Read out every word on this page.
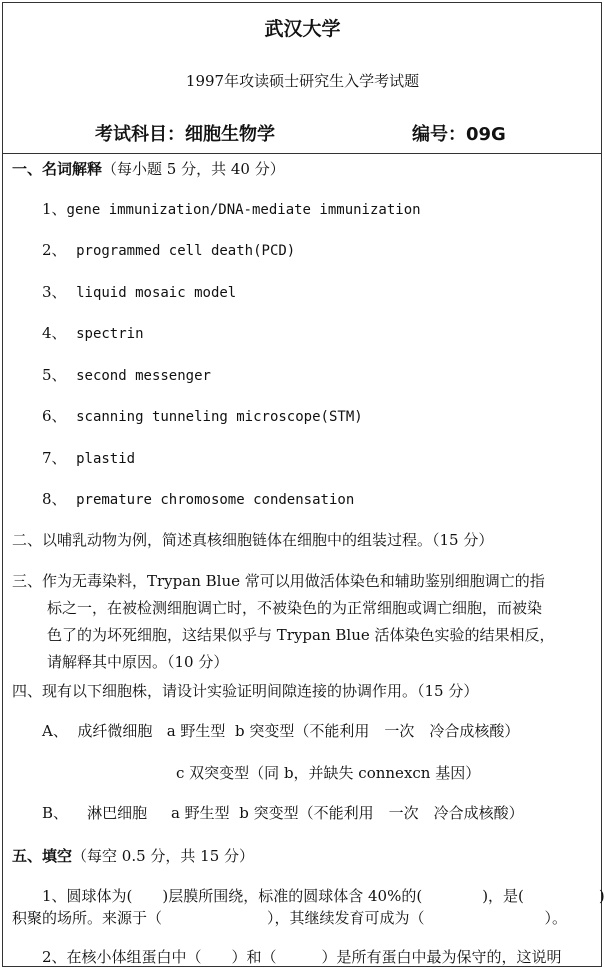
武汉大学
1997年攻读硕士研究生入学考试题
考试科目：细胞生物学	编号：09G
一、名词解释（每小题 5 分，共 40 分）
1、gene immunization/DNA-mediate immunization
2、 programmed cell death(PCD)
3、 liquid mosaic model
4、 spectrin
5、 second messenger
6、 scanning tunneling microscope(STM)
7、 plastid
8、 premature chromosome condensation
二、以哺乳动物为例，简述真核细胞链体在细胞中的组装过程。（15 分）
三、作为无毒染料，Trypan Blue 常可以用做活体染色和辅助鉴别细胞调亡的指
标之一，在被检测细胞调亡时，不被染色的为正常细胞或调亡细胞，而被染
色了的为坏死细胞，这结果似乎与 Trypan Blue 活体染色实验的结果相反，
请解释其中原因。（10 分）
四、现有以下细胞株，请设计实验证明间隙连接的协调作用。（15 分）
A、 成纤微细胞 a 野生型 b 突变型（不能利用　一次　冷合成核酸）
c 双突变型（同 b，并缺失 connexcn 基因）
B、 淋巴细胞 a 野生型 b 突变型（不能利用　一次　冷合成核酸）
五、填空（每空 0.5 分，共 15 分）
1、圆球体为(　　)层膜所围绕，标准的圆球体含 40%的(　　　　)，是(　　　　　)
积聚的场所。来源于（　　　　　　　），其继续发育可成为（　　　　　　　　）。
2、在核小体组蛋白中（　　）和（　　　）是所有蛋白中最为保守的，这说明
